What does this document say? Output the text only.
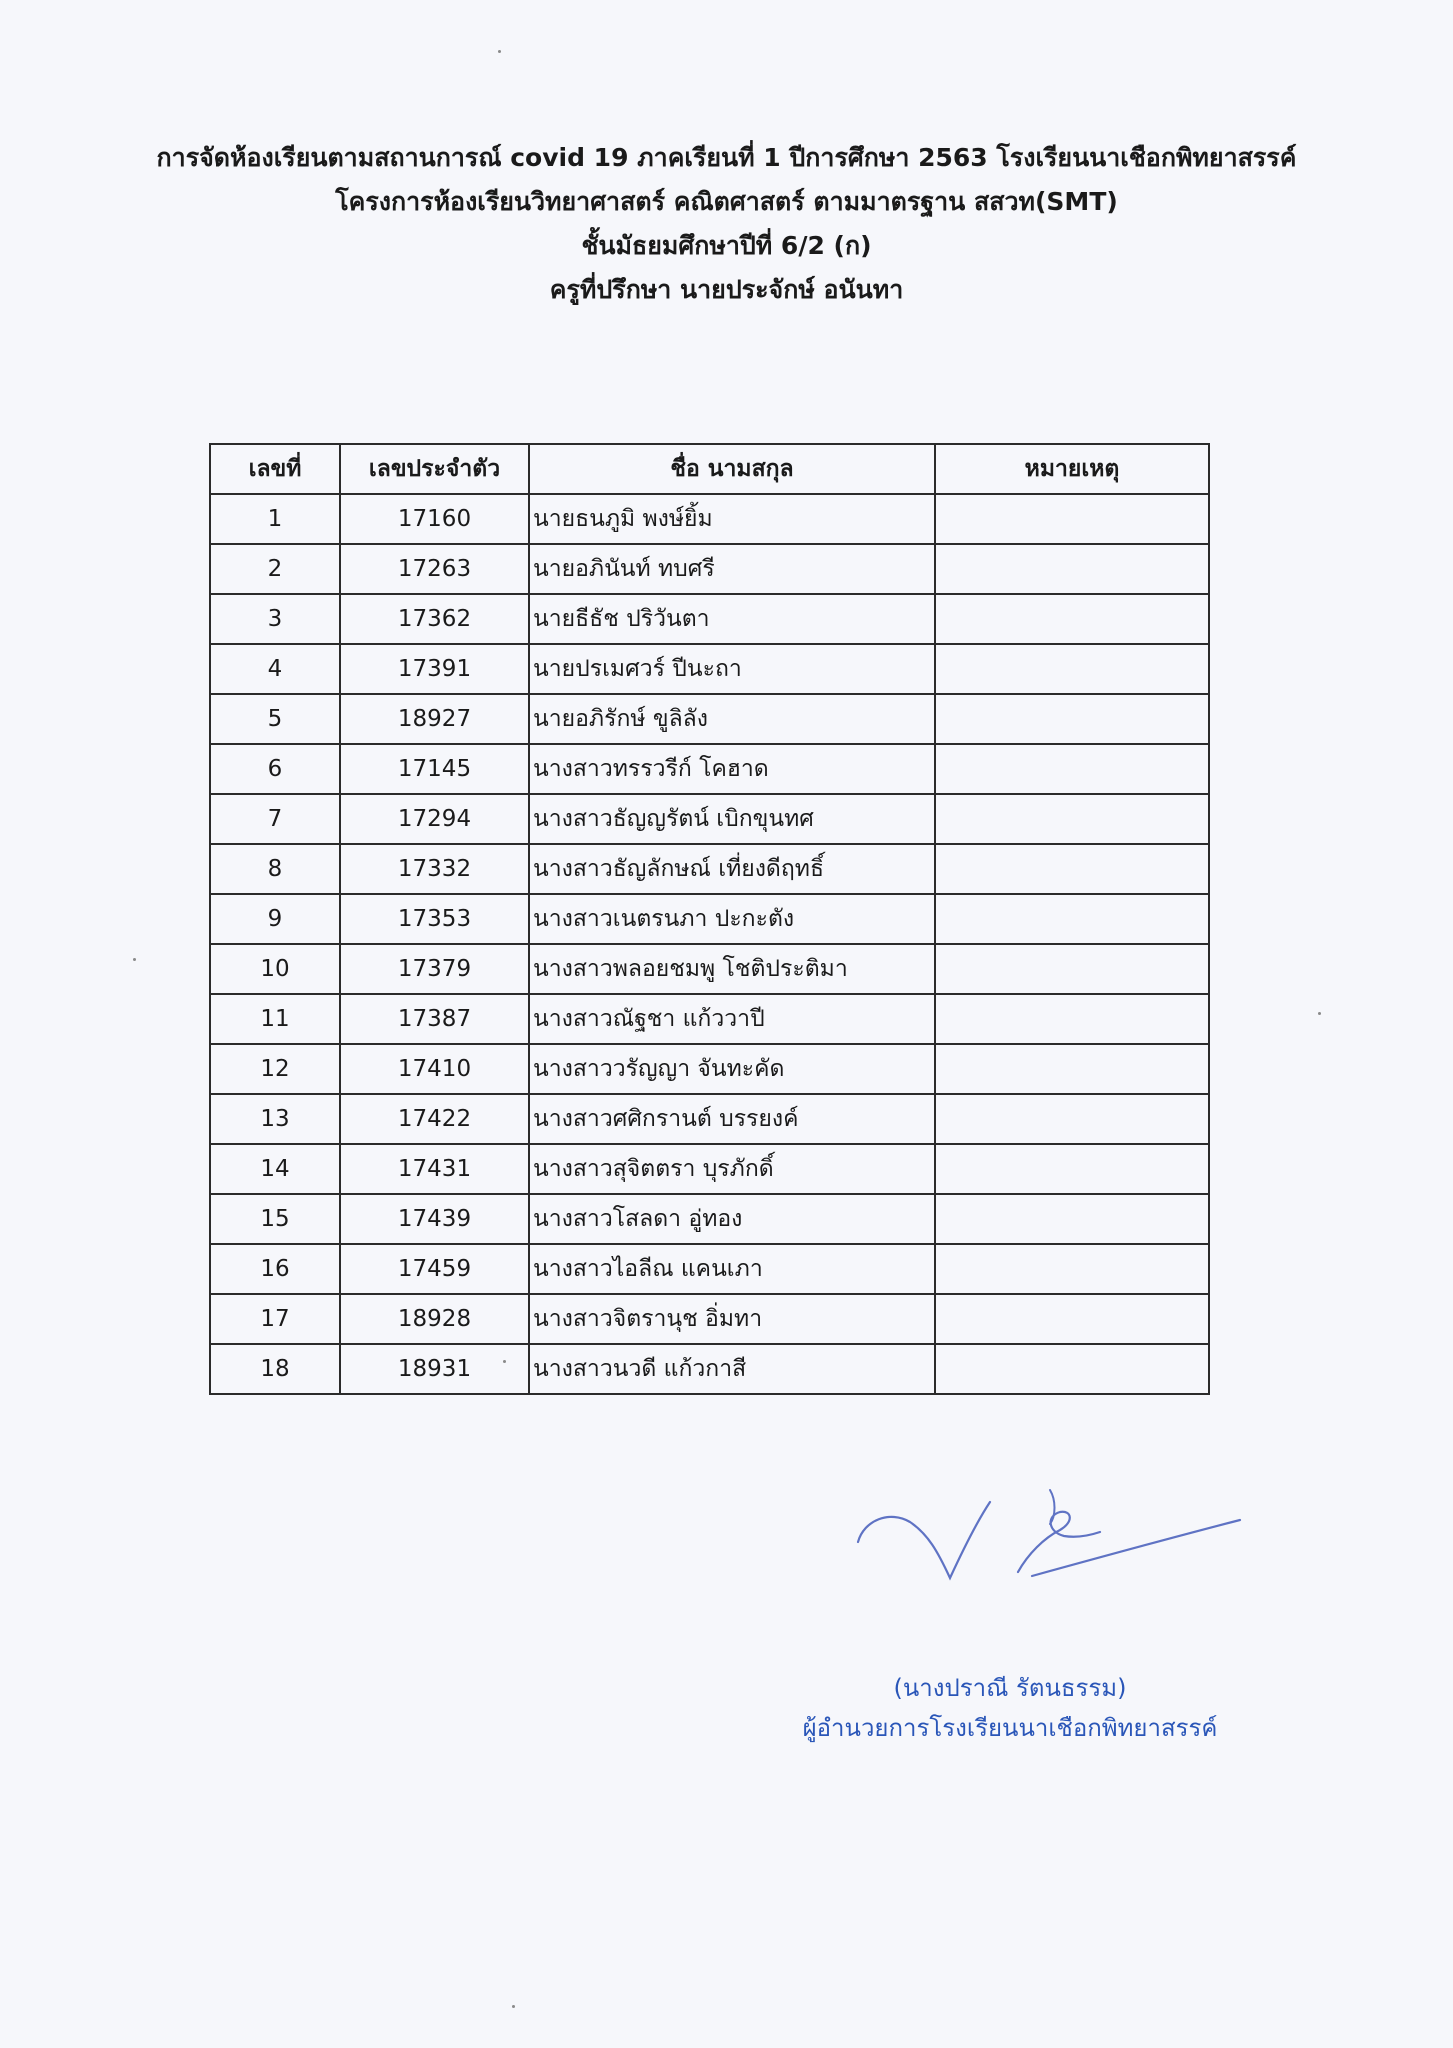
การจัดห้องเรียนตามสถานการณ์ covid 19 ภาคเรียนที่ 1 ปีการศึกษา 2563 โรงเรียนนาเชือกพิทยาสรรค์
โครงการห้องเรียนวิทยาศาสตร์ คณิตศาสตร์ ตามมาตรฐาน สสวท(SMT)
ชั้นมัธยมศึกษาปีที่ 6/2 (ก)
ครูที่ปรึกษา นายประจักษ์ อนันทา
เลขที่	เลขประจำตัว	ชื่อ นามสกุล	หมายเหตุ
1	17160	นายธนภูมิ พงษ์ยิ้ม	
2	17263	นายอภินันท์ ทบศรี	
3	17362	นายธีธัช ปริวันตา	
4	17391	นายปรเมศวร์ ปีนะถา	
5	18927	นายอภิรักษ์ ขูลิลัง	
6	17145	นางสาวทรรวรีก์ โคฮาด	
7	17294	นางสาวธัญญรัตน์ เบิกขุนทศ	
8	17332	นางสาวธัญลักษณ์ เที่ยงดีฤทธิ์	
9	17353	นางสาวเนตรนภา ปะกะตัง	
10	17379	นางสาวพลอยชมพู โชติประติมา	
11	17387	นางสาวณัฐชา แก้ววาปี	
12	17410	นางสาววรัญญา จันทะคัด	
13	17422	นางสาวศศิกรานต์ บรรยงค์	
14	17431	นางสาวสุจิตตรา บุรภักดิ์	
15	17439	นางสาวโสลดา อู่ทอง	
16	17459	นางสาวไอลีณ แคนเภา	
17	18928	นางสาวจิตรานุช อิ่มทา	
18	18931	นางสาวนวดี แก้วกาสี	
(นางปราณี รัตนธรรม)
ผู้อำนวยการโรงเรียนนาเชือกพิทยาสรรค์
